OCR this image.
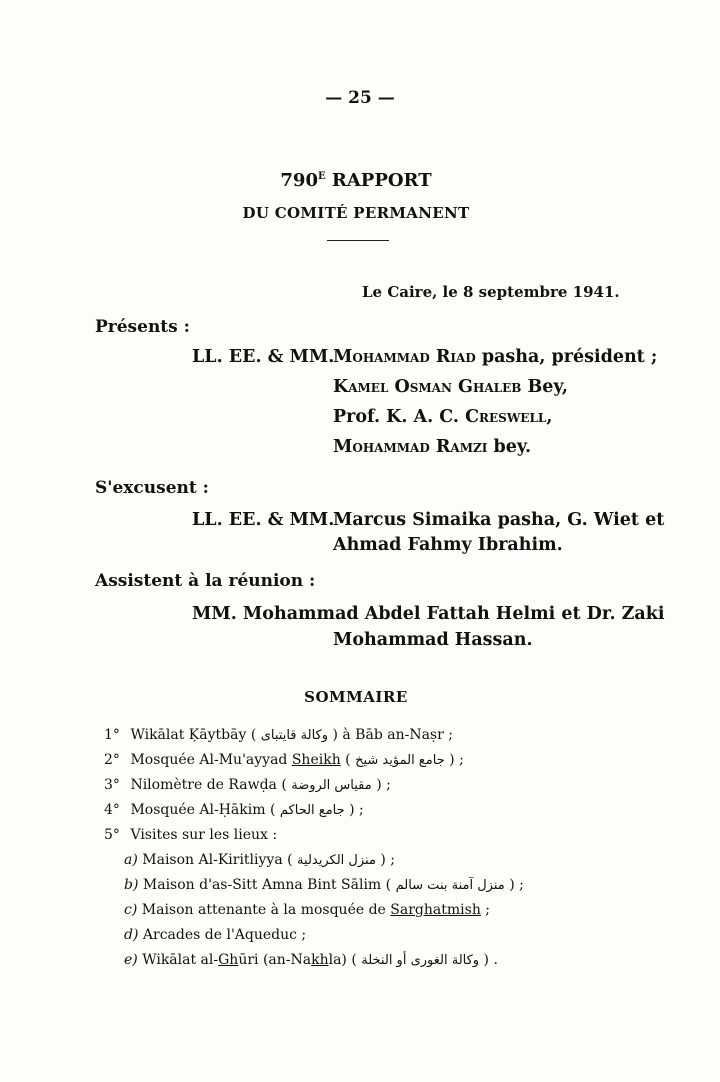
— 25 —
$790^E$ RAPPORT
DU COMITÉ PERMANENT
Le Caire, le 8 septembre 1941.
Présents :
LL. EE. & MM.
Mohammad Riad pasha, président ;
Kamel Osman Ghaleb Bey,
Prof. K. A. C. Creswell,
Mohammad Ramzi bey.
S'excusent :
LL. EE. & MM.
Marcus Simaika pasha, G. Wiet et
Ahmad Fahmy Ibrahim.
Assistent à la réunion :
MM. Mohammad Abdel Fattah Helmi et Dr. Zaki
Mohammad Hassan.
SOMMAIRE
1° Wikālat Ķāytbāy ( وكالة قايتباى ) à Bāb an-Naṣr ;
2° Mosquée Al-Mu'ayyad Sheikh ( جامع المؤيد شيخ ) ;
3° Nilomètre de Rawḍa ( مقياس الروضة ) ;
4° Mosquée Al-Ḥākim ( جامع الحاكم ) ;
5° Visites sur les lieux :
a) Maison Al-Kiritliyya ( منزل الكريدلية ) ;
b) Maison d'as-Sitt Amna Bint Sālim ( منزل آمنة بنت سالم ) ;
c) Maison attenante à la mosquée de Sarghatmish ;
d) Arcades de l'Aqueduc ;
e) Wikālat al-Ghūri (an-Nakhla) ( وكالة الغورى أو النخلة ) .
